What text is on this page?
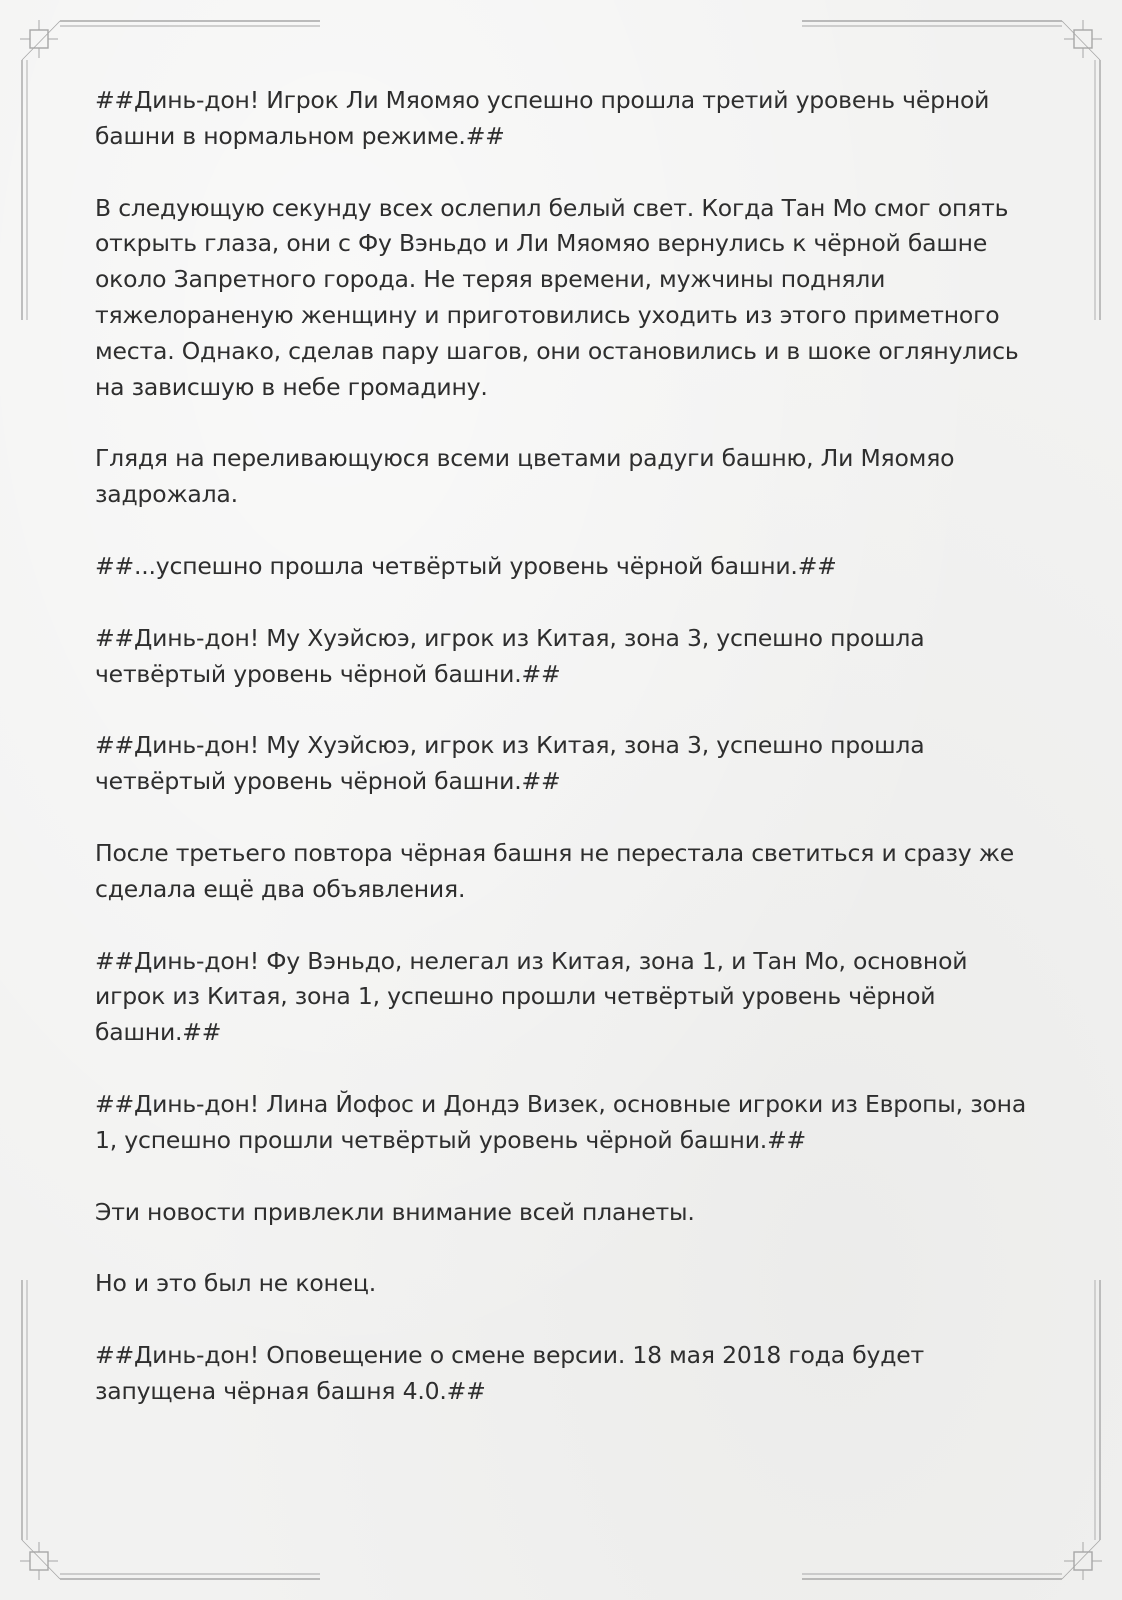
##Динь-дон! Игрок Ли Мяомяо успешно прошла третий уровень чёрной башни в нормальном режиме.##

В следующую секунду всех ослепил белый свет. Когда Тан Мо смог опять открыть глаза, они с Фу Вэньдо и Ли Мяомяо вернулись к чёрной башне около Запретного города. Не теряя времени, мужчины подняли тяжелораненую женщину и приготовились уходить из этого приметного места. Однако, сделав пару шагов, они остановились и в шоке оглянулись на зависшую в небе громадину.

Глядя на переливающуюся всеми цветами радуги башню, Ли Мяомяо задрожала.

##...успешно прошла четвёртый уровень чёрной башни.##

##Динь-дон! Му Хуэйсюэ, игрок из Китая, зона 3, успешно прошла четвёртый уровень чёрной башни.##

##Динь-дон! Му Хуэйсюэ, игрок из Китая, зона 3, успешно прошла четвёртый уровень чёрной башни.##

После третьего повтора чёрная башня не перестала светиться и сразу же сделала ещё два объявления.

##Динь-дон! Фу Вэньдо, нелегал из Китая, зона 1, и Тан Мо, основной игрок из Китая, зона 1, успешно прошли четвёртый уровень чёрной башни.##

##Динь-дон! Лина Йофос и Дондэ Визек, основные игроки из Европы, зона 1, успешно прошли четвёртый уровень чёрной башни.##

Эти новости привлекли внимание всей планеты.

Но и это был не конец.

##Динь-дон! Оповещение о смене версии. 18 мая 2018 года будет запущена чёрная башня 4.0.##
